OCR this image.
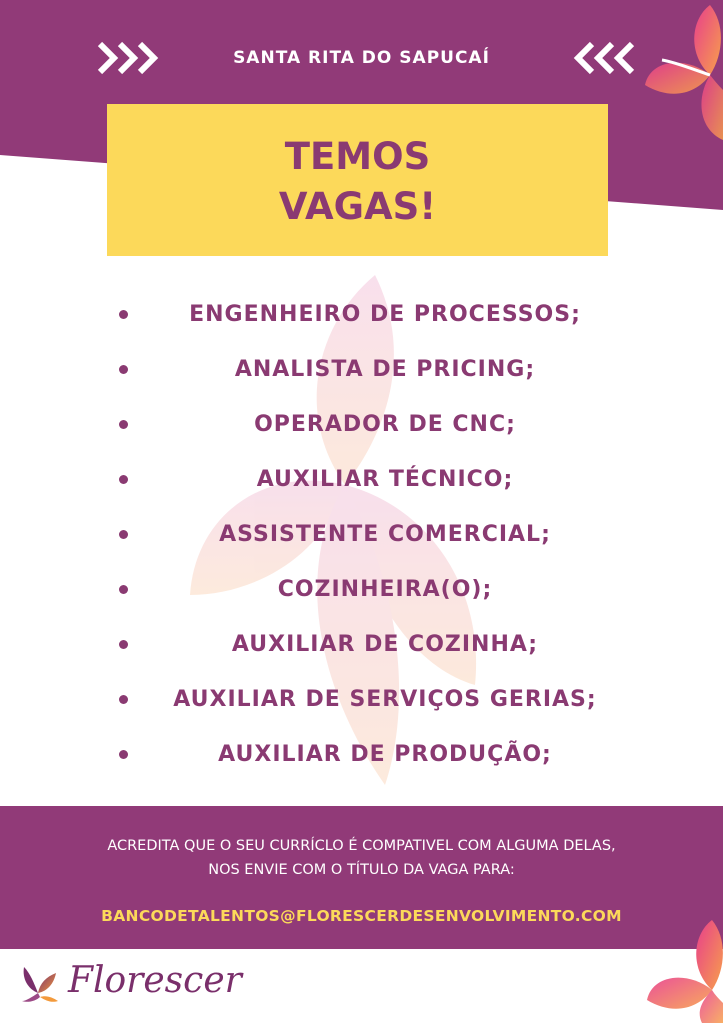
SANTA RITA DO SAPUCAÍ
TEMOS
VAGAS!
ENGENHEIRO DE PROCESSOS;
ANALISTA DE PRICING;
OPERADOR DE CNC;
AUXILIAR TÉCNICO;
ASSISTENTE COMERCIAL;
COZINHEIRA(O);
AUXILIAR DE COZINHA;
AUXILIAR DE SERVIÇOS GERIAS;
AUXILIAR DE PRODUÇÃO;
ACREDITA QUE O SEU CURRÍCLO É COMPATIVEL COM ALGUMA DELAS,
NOS ENVIE COM O TÍTULO DA VAGA PARA:
BANCODETALENTOS@FLORESCERDESENVOLVIMENTO.COM
Florescer
